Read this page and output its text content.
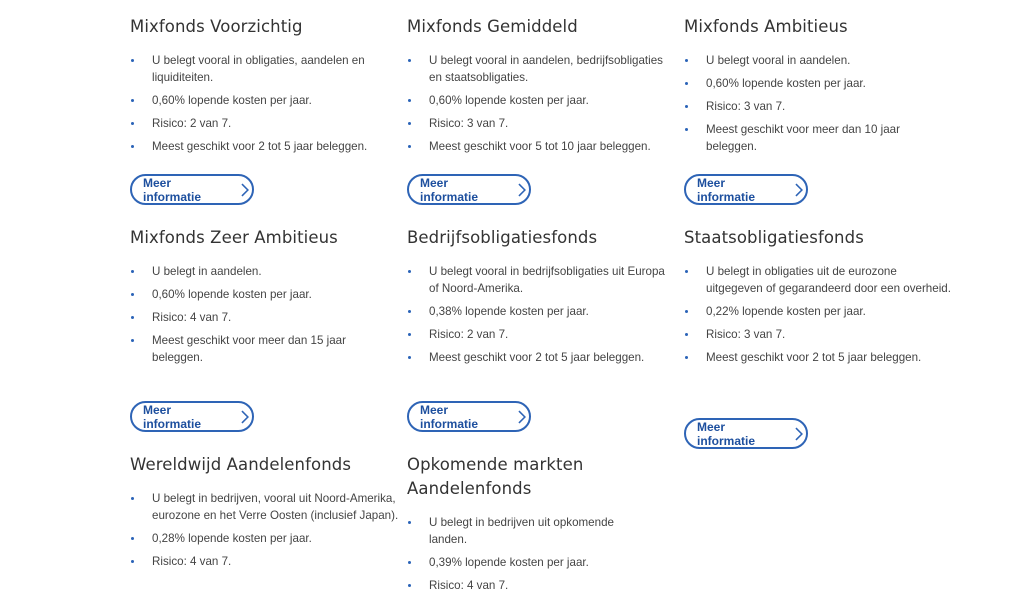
Mixfonds Voorzichtig
U belegt vooral in obligaties, aandelen en liquiditeiten.
0,60% lopende kosten per jaar.
Risico: 2 van 7.
Meest geschikt voor 2 tot 5 jaar beleggen.
Mixfonds Gemiddeld
U belegt vooral in aandelen, bedrijfsobligaties en staatsobligaties.
0,60% lopende kosten per jaar.
Risico: 3 van 7.
Meest geschikt voor 5 tot 10 jaar beleggen.
Mixfonds Ambitieus
U belegt vooral in aandelen.
0,60% lopende kosten per jaar.
Risico: 3 van 7.
Meest geschikt voor meer dan 10 jaar beleggen.
Mixfonds Zeer Ambitieus
U belegt in aandelen.
0,60% lopende kosten per jaar.
Risico: 4 van 7.
Meest geschikt voor meer dan 15 jaar beleggen.
Bedrijfsobligatiesfonds
U belegt vooral in bedrijfsobligaties uit Europa of Noord-Amerika.
0,38% lopende kosten per jaar.
Risico: 2 van 7.
Meest geschikt voor 2 tot 5 jaar beleggen.
Staatsobligatiesfonds
U belegt in obligaties uit de eurozone uitgegeven of gegarandeerd door een overheid.
0,22% lopende kosten per jaar.
Risico: 3 van 7.
Meest geschikt voor 2 tot 5 jaar beleggen.
Wereldwijd Aandelenfonds
U belegt in bedrijven, vooral uit Noord-Amerika, eurozone en het Verre Oosten (inclusief Japan).
0,28% lopende kosten per jaar.
Risico: 4 van 7.
Opkomende markten Aandelenfonds
U belegt in bedrijven uit opkomende landen.
0,39% lopende kosten per jaar.
Risico: 4 van 7.
Meer informatie
Meer informatie
Meer informatie
Meer informatie
Meer informatie	Meer informatie
